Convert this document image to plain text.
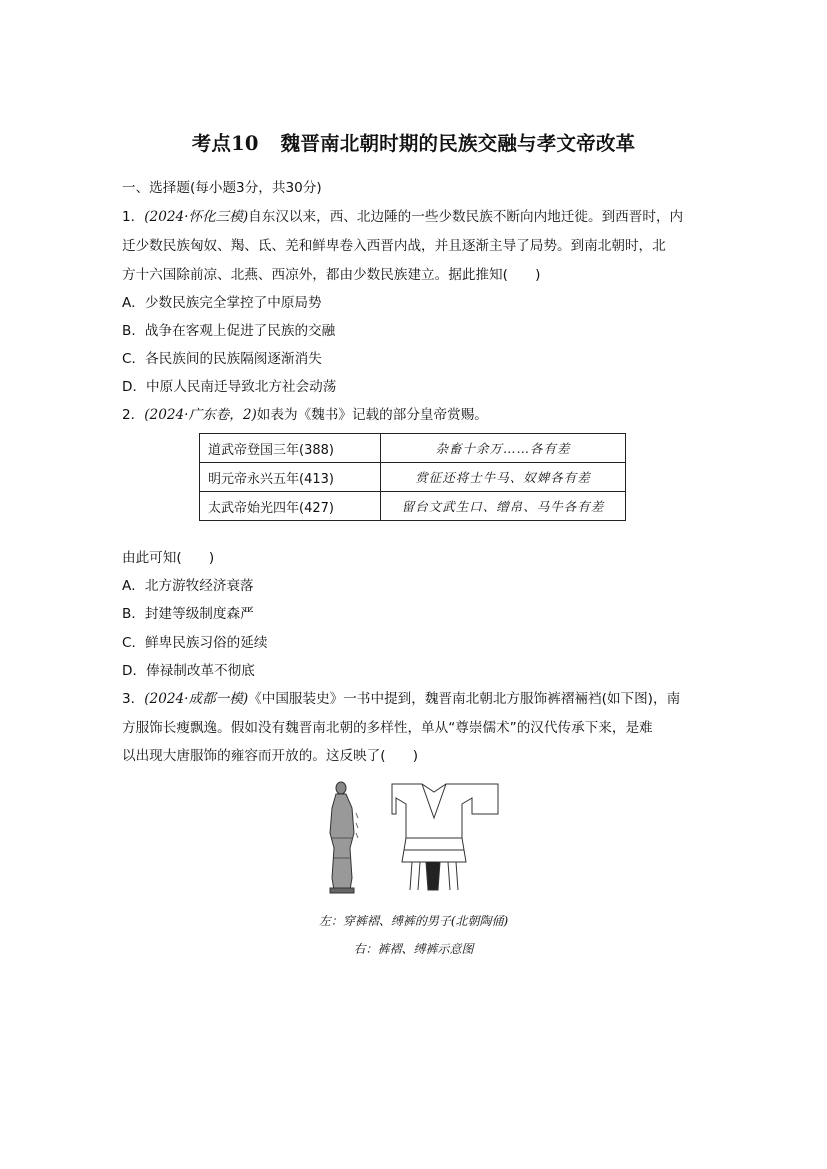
考点10 魏晋南北朝时期的民族交融与孝文帝改革
一、选择题(每小题3分，共30分)
1．(2024·怀化三模)自东汉以来，西、北边陲的一些少数民族不断向内地迁徙。到西晋时，内
迁少数民族匈奴、羯、氐、羌和鲜卑卷入西晋内战，并且逐渐主导了局势。到南北朝时，北
方十六国除前凉、北燕、西凉外，都由少数民族建立。据此推知(　　)
A．少数民族完全掌控了中原局势
B．战争在客观上促进了民族的交融
C．各民族间的民族隔阂逐渐消失
D．中原人民南迁导致北方社会动荡
2．(2024·广东卷，2)如表为《魏书》记载的部分皇帝赏赐。
道武帝登国三年(388)	杂畜十余万……各有差
明元帝永兴五年(413)	赏征还将士牛马、奴婢各有差
太武帝始光四年(427)	留台文武生口、缯帛、马牛各有差
由此可知(　　)
A．北方游牧经济衰落
B．封建等级制度森严
C．鲜卑民族习俗的延续
D．俸禄制改革不彻底
3．(2024·成都一模)《中国服装史》一书中提到，魏晋南北朝北方服饰裤褶裲裆(如下图)，南
方服饰长瘦飘逸。假如没有魏晋南北朝的多样性，单从“尊崇儒术”的汉代传承下来，是难
以出现大唐服饰的雍容而开放的。这反映了(　　)
左：穿裤褶、缚裤的男子(北朝陶俑)
右：裤褶、缚裤示意图
